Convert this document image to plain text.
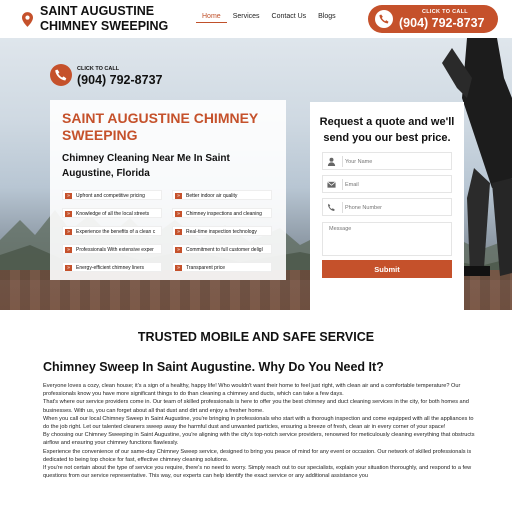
SAINT AUGUSTINE
CHIMNEY SWEEPING
Home	Services	Contact Us	Blogs
CLICK TO CALL
(904) 792-8737
CLICK TO CALL
(904) 792-8737
SAINT AUGUSTINE CHIMNEY SWEEPING
Chimney Cleaning Near Me In Saint Augustine, Florida
» Upfront and competitive pricing	» Better indoor air quality
» Knowledge of all the local streets	» Chimney inspections and cleaning
» Experience the benefits of a clean c	» Real-time inspection technology
» Professionals With extensive exper	» Commitment to full customer deligl
» Energy-efficient chimney liners	» Transparent price
Request a quote and we'll send you our best price.
Your Name
Email
Phone Number
Message
Submit
TRUSTED MOBILE AND SAFE SERVICE
Chimney Sweep In Saint Augustine. Why Do You Need It?

Everyone loves a cozy, clean house; it's a sign of a healthy, happy life! Who wouldn't want their home to feel just right, with clean air and a comfortable temperature? Our professionals know you have more significant things to do than cleaning a chimney and ducts, which can take a few days.

That's where our service providers come in. Our team of skilled professionals is here to offer you the best chimney and duct cleaning services in the city, for both homes and businesses. With us, you can forget about all that dust and dirt and enjoy a fresher home.

When you call our local Chimney Sweep in Saint Augustine, you're bringing in professionals who start with a thorough inspection and come equipped with all the appliances to do the job right. Let our talented cleaners sweep away the harmful dust and unwanted particles, ensuring a breeze of fresh, clean air in every corner of your space!

By choosing our Chimney Sweeping in Saint Augustine, you're aligning with the city's top-notch service providers, renowned for meticulously cleaning everything that obstructs airflow and ensuring your chimney functions flawlessly.

Experience the convenience of our same-day Chimney Sweep service, designed to bring you peace of mind for any event or occasion. Our network of skilled professionals is dedicated to being top choice for fast, effective chimney cleaning solutions.

If you're not certain about the type of service you require, there's no need to worry. Simply reach out to our specialists, explain your situation thoroughly, and respond to a few questions from our service representative. This way, our experts can help identify the exact service or any additional assistance you
